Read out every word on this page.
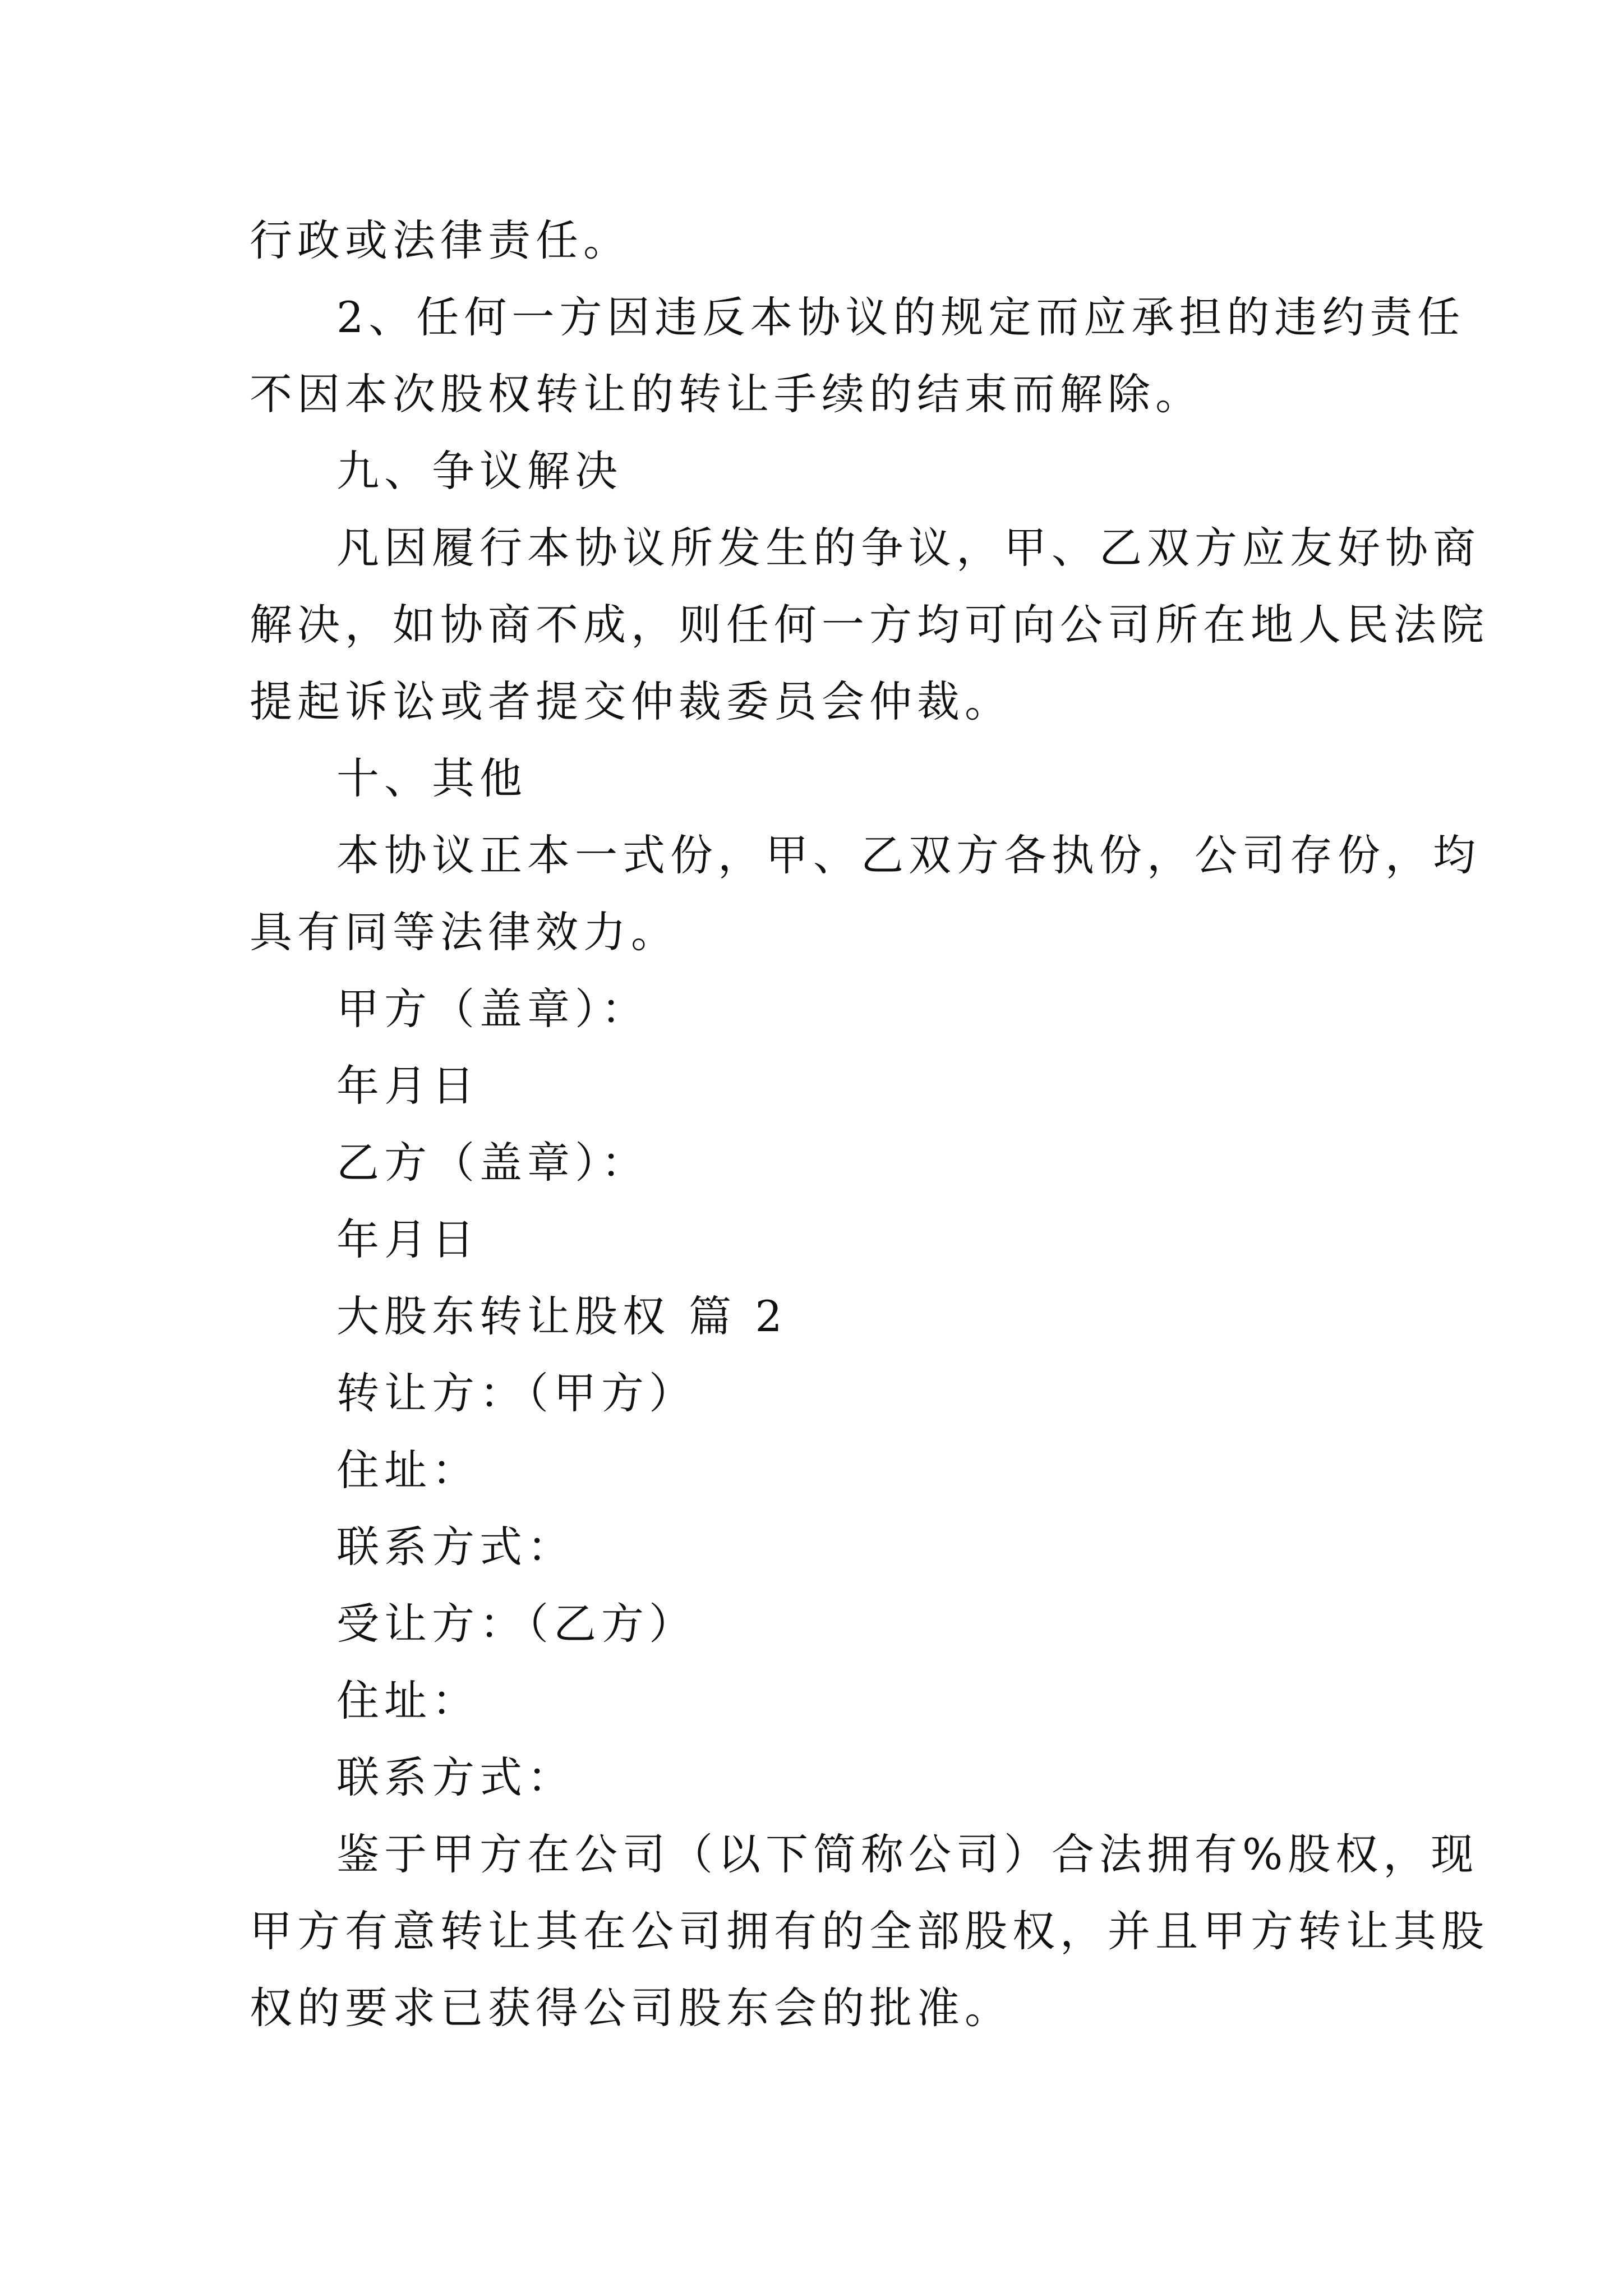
行政或法律责任。
2、任何一方因违反本协议的规定而应承担的违约责任
不因本次股权转让的转让手续的结束而解除。
九、争议解决
凡因履行本协议所发生的争议，甲、乙双方应友好协商
解决，如协商不成，则任何一方均可向公司所在地人民法院
提起诉讼或者提交仲裁委员会仲裁。
十、其他
本协议正本一式份，甲、乙双方各执份，公司存份，均
具有同等法律效力。
甲方（盖章）：
年月日
乙方（盖章）：
年月日
大股东转让股权 篇 2
转让方：（甲方）
住址：
联系方式：
受让方：（乙方）
住址：
联系方式：
鉴于甲方在公司（以下简称公司）合法拥有%股权，现
甲方有意转让其在公司拥有的全部股权，并且甲方转让其股
权的要求已获得公司股东会的批准。
